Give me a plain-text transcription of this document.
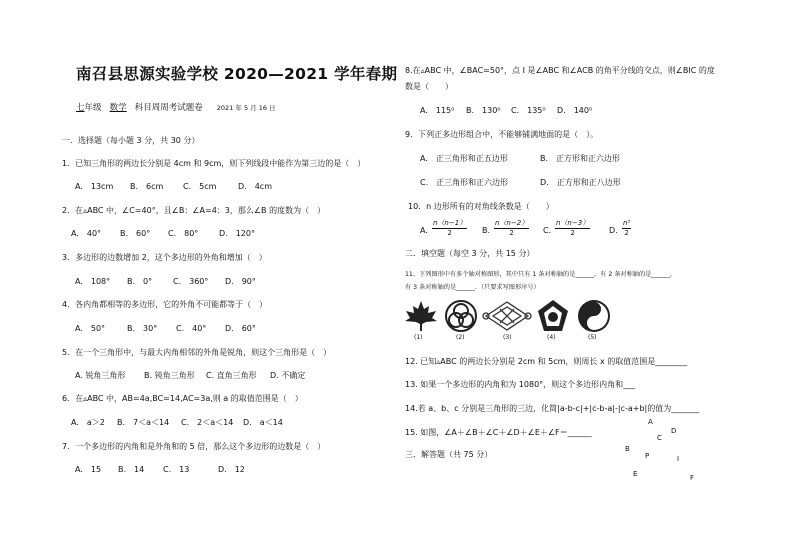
南召县思源实验学校 2020—2021 学年春期
七年级 数学 科目周周考试题卷 2021 年 5 月 16 日
一．选择题（每小题 3 分，共 30 分）
1．已知三角形的两边长分别是 4cm 和 9cm，则下列线段中能作为第三边的是（　）
A.　13cm B.　6cm C.　5cm	D.　4cm
2．在▵ABC 中，∠C=40°，且∠B：∠A=4：3，那么∠B 的度数为（　）
A.　40° B.　60° C.　80°	D.　120°
3．多边形的边数增加 2，这个多边形的外角和增加（　）
A.　108° B.　0°	C.　360° D.　90°
4．各内角都相等的多边形，它的外角不可能都等于（　）
A.　50°	B.　30° C.　40° D.　60°
5．在一个三角形中，与最大内角相邻的外角是锐角，则这个三角形是（　）
A. 锐角三角形 B. 钝角三角形 C. 直角三角形 D. 不确定
6．在▵ABC 中，AB=4a,BC=14,AC=3a,则 a 的取值范围是（　）
A.　a＞2 B.　7＜a＜14 C.　2＜a＜14 D.　a＜14
7．一个多边形的内角和是外角和的 5 倍，那么这个多边形的边数是（　）
A.　15 B.　14 C.　13	D.　12
8.在▵ABC 中，∠BAC=50°，点 I 是∠ABC 和∠ACB 的角平分线的交点，则∠BIC 的度
数是（　　）
A.　115⁰ B.　130⁰ C.　135⁰ D.　140⁰
9．下列正多边形组合中，不能够铺满地面的是（　）。
A.　正三角形和正五边形	B.　正方形和正六边形
C.　正三角形和正六边形	D.　正方形和正八边形
10．n 边形所有的对角线条数是（　　）
A. $\frac{n(n-1)}{2} B$. $\frac{n(n-2)}{2} C$. $\frac{n(n-3)}{2} D$. $\frac{\text{n²}}{2}$
二．填空题（每空 3 分，共 15 分）
11、下列图形中有多个轴对称图形，其中只有 1 条对称轴的是______，有 2 条对称轴的是______，
有 3 条对称轴的是______．（只要求写图形序号）
(1)	(2)	(3)	(4)	(5)
12. 已知▵ABC 的两边长分别是 2cm 和 5cm，则周长 x 的取值范围是________
13. 如果一个多边形的内角和为 1080°，则这个多边形内角和___
14.若 a、b、c 分别是三角形的三边，化简|a-b-c|+|c-b-a|-|c-a+b|的值为_______
15. 如图，∠A＋∠B＋∠C＋∠D＋∠E＋∠F＝______
三．解答题（共 75 分）
A
D
C
B
P	I
F
E
